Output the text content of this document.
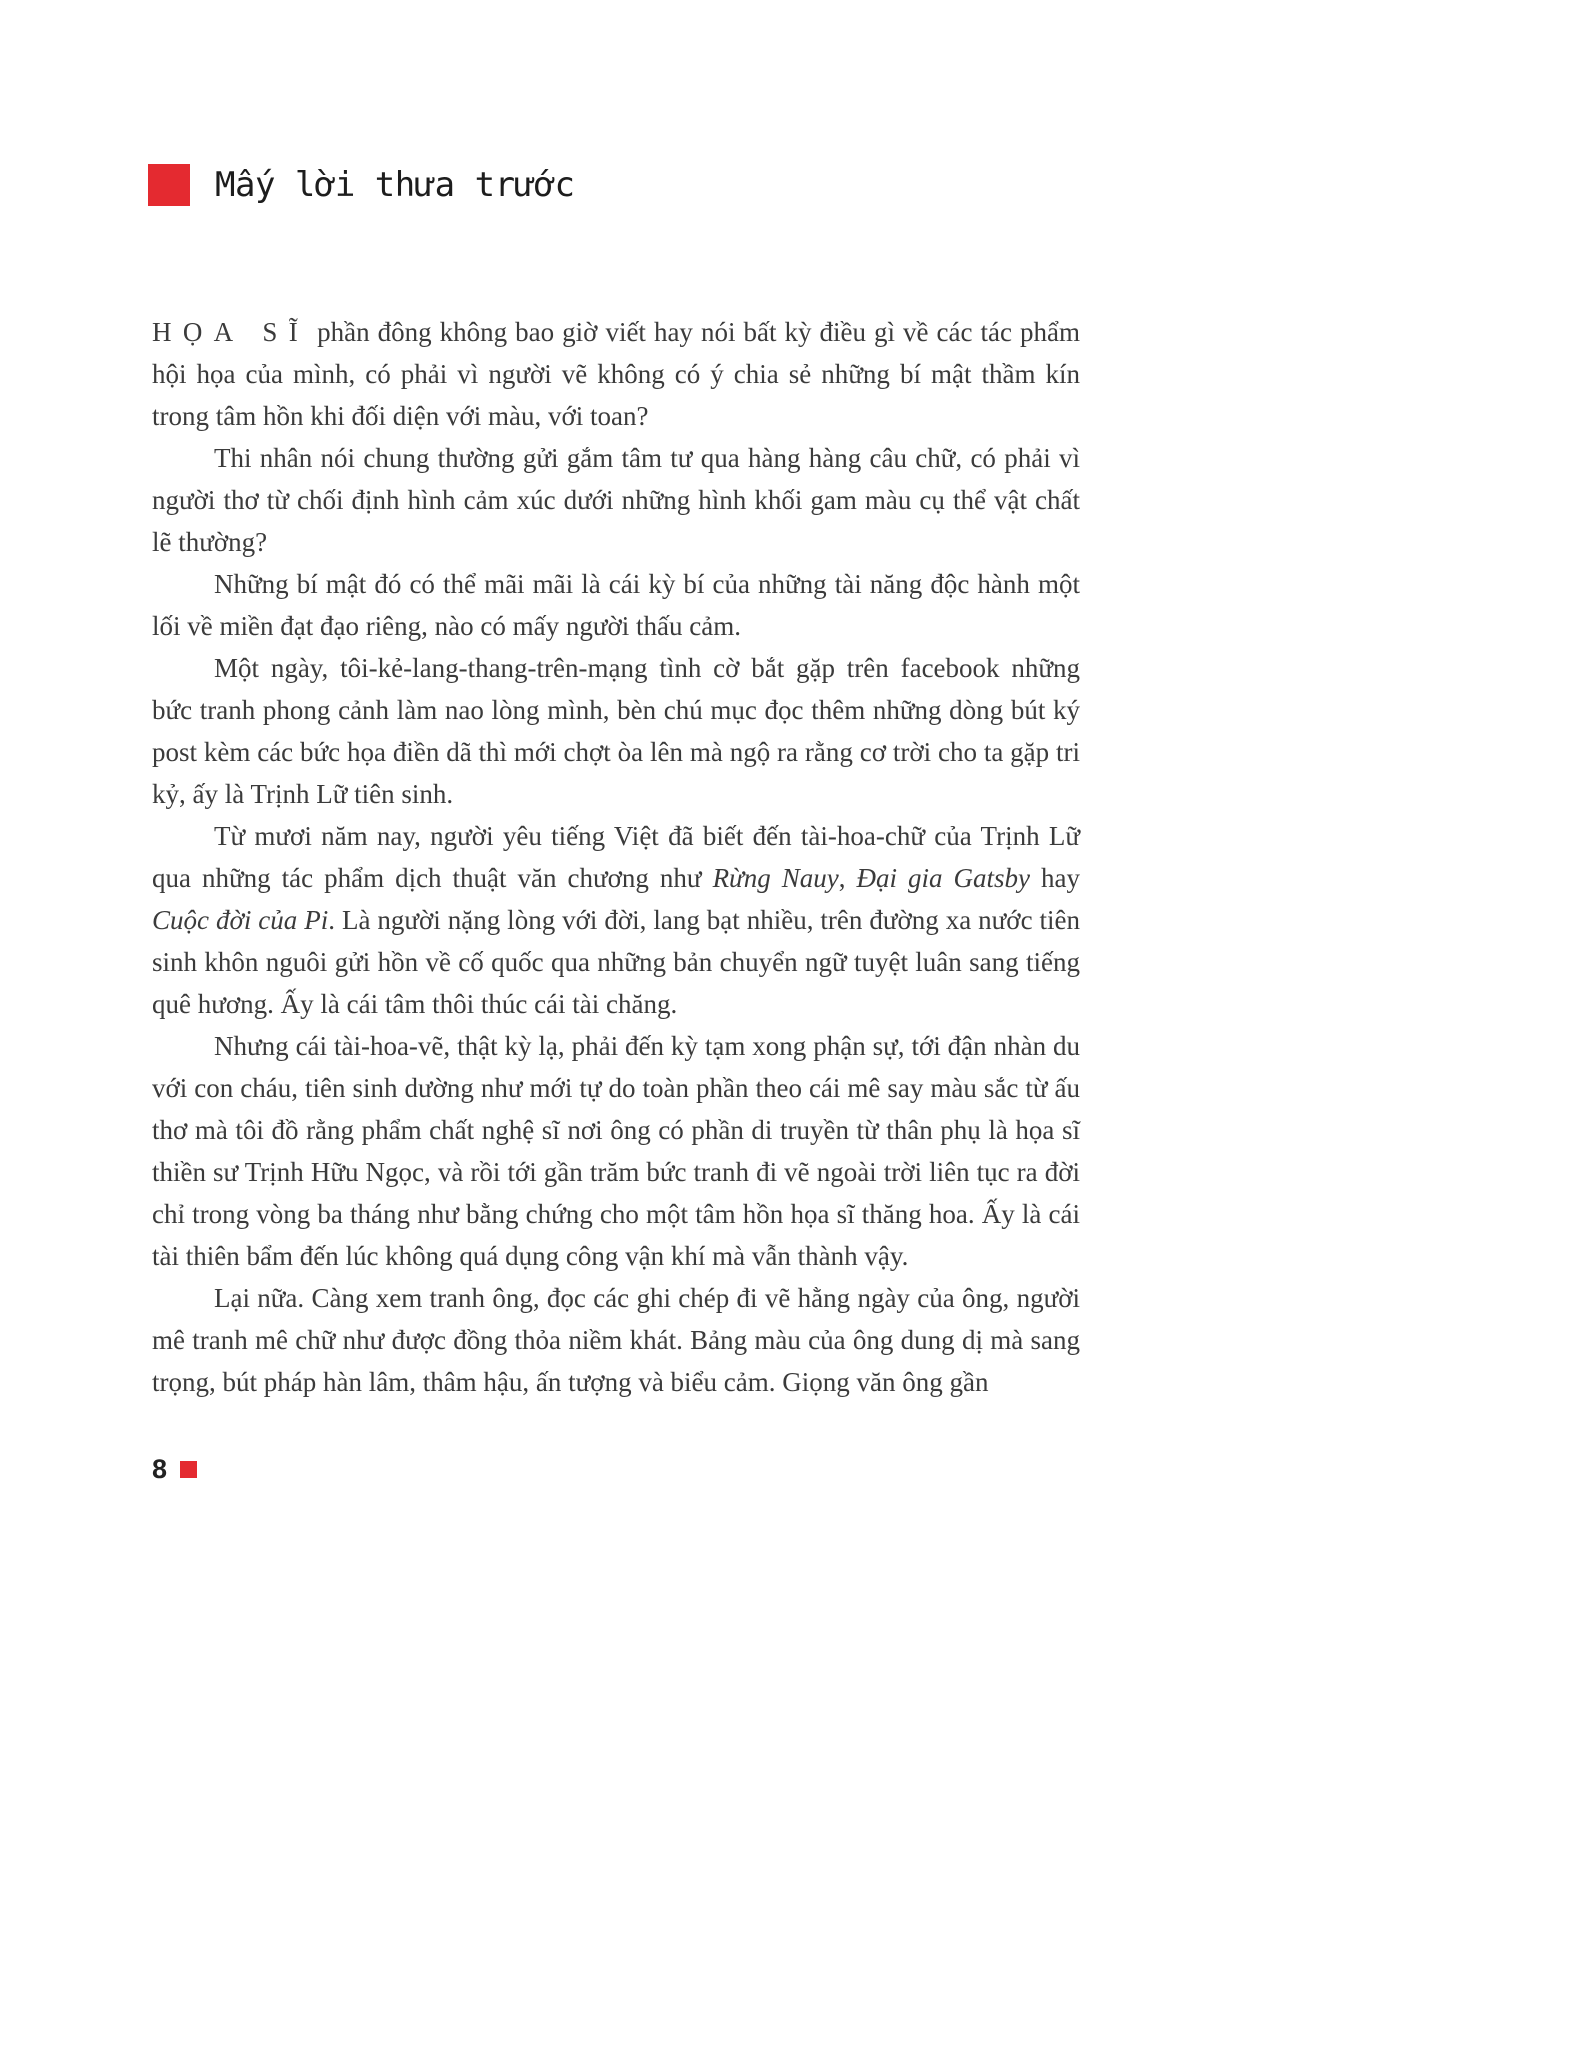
Mấy lời thưa trước

HỌA SĨ phần đông không bao giờ viết hay nói bất kỳ điều gì về các tác phẩm hội họa của mình, có phải vì người vẽ không có ý chia sẻ những bí mật thầm kín trong tâm hồn khi đối diện với màu, với toan?

Thi nhân nói chung thường gửi gắm tâm tư qua hàng hàng câu chữ, có phải vì người thơ từ chối định hình cảm xúc dưới những hình khối gam màu cụ thể vật chất lẽ thường?

Những bí mật đó có thể mãi mãi là cái kỳ bí của những tài năng độc hành một lối về miền đạt đạo riêng, nào có mấy người thấu cảm.

Một ngày, tôi-kẻ-lang-thang-trên-mạng tình cờ bắt gặp trên facebook những bức tranh phong cảnh làm nao lòng mình, bèn chú mục đọc thêm những dòng bút ký post kèm các bức họa điền dã thì mới chợt òa lên mà ngộ ra rằng cơ trời cho ta gặp tri kỷ, ấy là Trịnh Lữ tiên sinh.

Từ mươi năm nay, người yêu tiếng Việt đã biết đến tài-hoa-chữ của Trịnh Lữ qua những tác phẩm dịch thuật văn chương như Rừng Nauy, Đại gia Gatsby hay Cuộc đời của Pi. Là người nặng lòng với đời, lang bạt nhiều, trên đường xa nước tiên sinh khôn nguôi gửi hồn về cố quốc qua những bản chuyển ngữ tuyệt luân sang tiếng quê hương. Ấy là cái tâm thôi thúc cái tài chăng.

Nhưng cái tài-hoa-vẽ, thật kỳ lạ, phải đến kỳ tạm xong phận sự, tới đận nhàn du với con cháu, tiên sinh dường như mới tự do toàn phần theo cái mê say màu sắc từ ấu thơ mà tôi đồ rằng phẩm chất nghệ sĩ nơi ông có phần di truyền từ thân phụ là họa sĩ thiền sư Trịnh Hữu Ngọc, và rồi tới gần trăm bức tranh đi vẽ ngoài trời liên tục ra đời chỉ trong vòng ba tháng như bằng chứng cho một tâm hồn họa sĩ thăng hoa. Ấy là cái tài thiên bẩm đến lúc không quá dụng công vận khí mà vẫn thành vậy.

Lại nữa. Càng xem tranh ông, đọc các ghi chép đi vẽ hằng ngày của ông, người mê tranh mê chữ như được đồng thỏa niềm khát. Bảng màu của ông dung dị mà sang trọng, bút pháp hàn lâm, thâm hậu, ấn tượng và biểu cảm. Giọng văn ông gần

8
